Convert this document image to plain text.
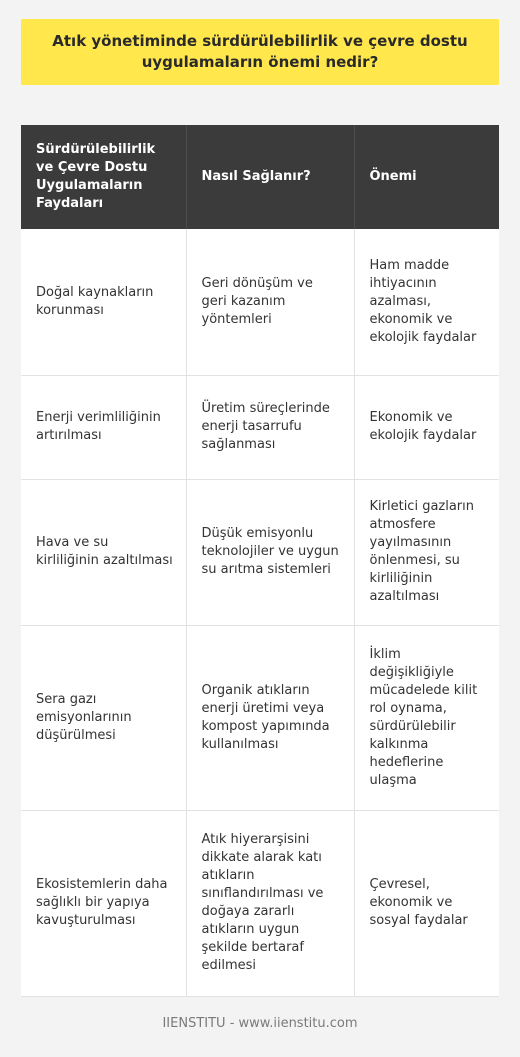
Atık yönetiminde sürdürülebilirlik ve çevre dostu uygulamaların önemi nedir?
Sürdürülebilirlik ve Çevre Dostu Uygulamaların Faydaları	Nasıl Sağlanır?	Önemi
Doğal kaynakların korunması	Geri dönüşüm ve geri kazanım yöntemleri	Ham madde ihtiyacının azalması, ekonomik ve ekolojik faydalar
Enerji verimliliğinin artırılması	Üretim süreçlerinde enerji tasarrufu sağlanması	Ekonomik ve ekolojik faydalar
Hava ve su kirliliğinin azaltılması	Düşük emisyonlu teknolojiler ve uygun su arıtma sistemleri	Kirletici gazların atmosfere yayılmasının önlenmesi, su kirliliğinin azaltılması
Sera gazı emisyonlarının düşürülmesi	Organik atıkların enerji üretimi veya kompost yapımında kullanılması	İklim değişikliğiyle mücadelede kilit rol oynama, sürdürülebilir kalkınma hedeflerine ulaşma
Ekosistemlerin daha sağlıklı bir yapıya kavuşturulması	Atık hiyerarşisini dikkate alarak katı atıkların sınıflandırılması ve doğaya zararlı atıkların uygun şekilde bertaraf edilmesi	Çevresel, ekonomik ve sosyal faydalar
IIENSTITU - www.iienstitu.com
